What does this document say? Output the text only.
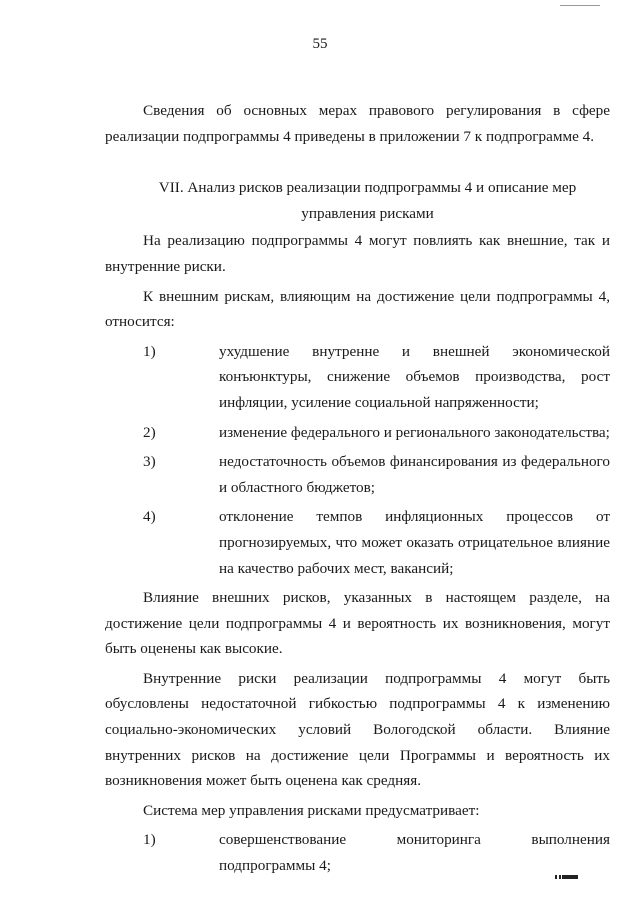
55

Сведения об основных мерах правового регулирования в сфере реализации подпрограммы 4 приведены в приложении 7 к подпрограмме 4.

VII. Анализ рисков реализации подпрограммы 4 и описание мер
управления рисками

На реализацию подпрограммы 4 могут повлиять как внешние, так и внутренние риски.

К внешним рискам, влияющим на достижение цели подпрограммы 4, относится:

1)	ухудшение внутренне и внешней экономической конъюнктуры, снижение объемов производства, рост инфляции, усиление социальной напряженности;
2)	изменение федерального и регионального законодательства;
3)	недостаточность объемов финансирования из федерального и областного бюджетов;
4)	отклонение темпов инфляционных процессов от прогнозируемых, что может оказать отрицательное влияние на качество рабочих мест, вакансий;

Влияние внешних рисков, указанных в настоящем разделе, на достижение цели подпрограммы 4 и вероятность их возникновения, могут быть оценены как высокие.

Внутренние риски реализации подпрограммы 4 могут быть обусловлены недостаточной гибкостью подпрограммы 4 к изменению социально-экономических условий Вологодской области. Влияние внутренних рисков на достижение цели Программы и вероятность их возникновения может быть оценена как средняя.

Система мер управления рисками предусматривает:

1)	совершенствование мониторинга выполнения подпрограммы 4;
